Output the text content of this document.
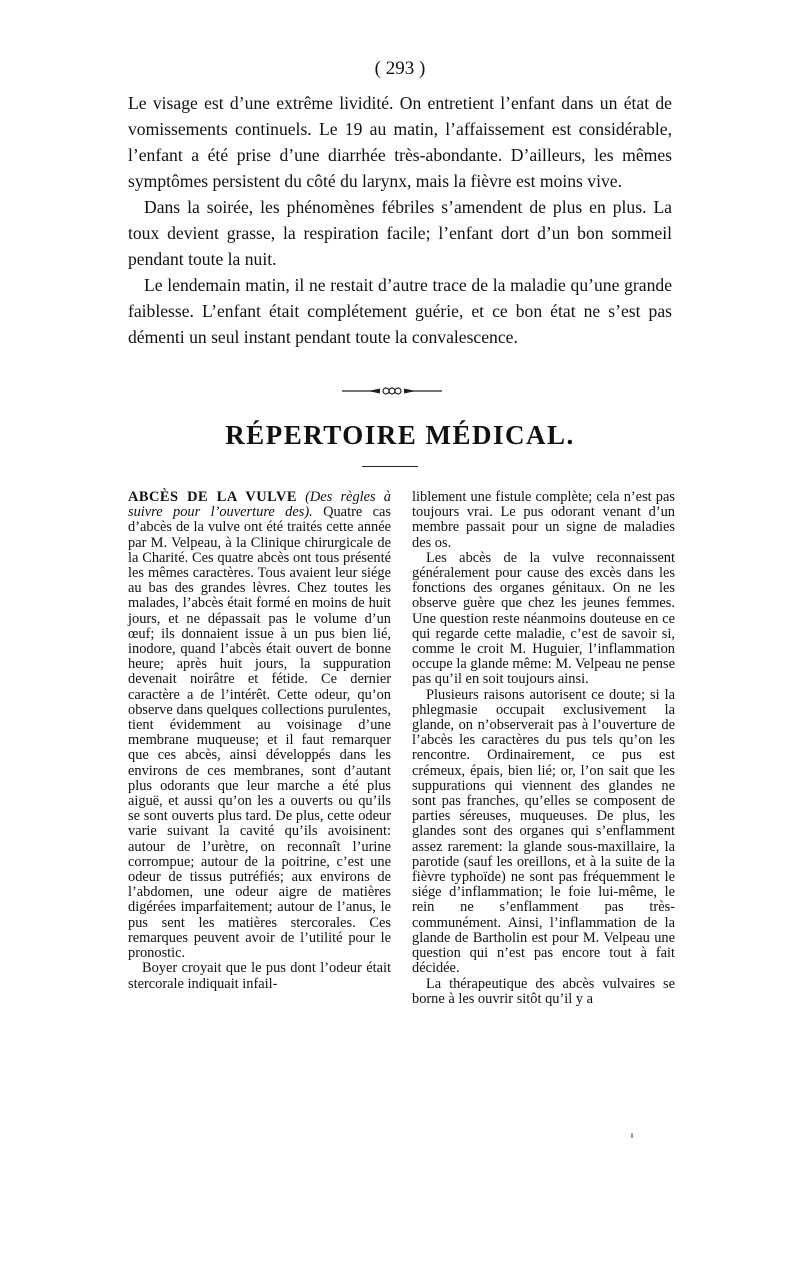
( 293 )

Le visage est d’une extrême lividité. On entretient l’enfant dans un état de vomissements continuels. Le 19 au matin, l’affaissement est considérable, l’enfant a été prise d’une diarrhée très-abondante. D’ailleurs, les mêmes symptômes persistent du côté du larynx, mais la fièvre est moins vive.

Dans la soirée, les phénomènes fébriles s’amendent de plus en plus. La toux devient grasse, la respiration facile; l’enfant dort d’un bon sommeil pendant toute la nuit.

Le lendemain matin, il ne restait d’autre trace de la maladie qu’une grande faiblesse. L’enfant était complétement guérie, et ce bon état ne s’est pas démenti un seul instant pendant toute la convalescence.

RÉPERTOIRE MÉDICAL.

ABCÈS DE LA VULVE (Des règles à suivre pour l’ouverture des). Quatre cas d’abcès de la vulve ont été traités cette année par M. Velpeau, à la Clinique chirurgicale de la Charité. Ces quatre abcès ont tous présenté les mêmes caractères. Tous avaient leur siége au bas des grandes lèvres. Chez toutes les malades, l’abcès était formé en moins de huit jours, et ne dépassait pas le volume d’un œuf; ils donnaient issue à un pus bien lié, inodore, quand l’abcès était ouvert de bonne heure; après huit jours, la suppuration devenait noirâtre et fétide. Ce dernier caractère a de l’intérêt. Cette odeur, qu’on observe dans quelques collections purulentes, tient évidemment au voisinage d’une membrane muqueuse; et il faut remarquer que ces abcès, ainsi développés dans les environs de ces membranes, sont d’autant plus odorants que leur marche a été plus aiguë, et aussi qu’on les a ouverts ou qu’ils se sont ouverts plus tard. De plus, cette odeur varie suivant la cavité qu’ils avoisinent: autour de l’urètre, on reconnaît l’urine corrompue; autour de la poitrine, c’est une odeur de tissus putréfiés; aux environs de l’abdomen, une odeur aigre de matières digérées imparfaitement; autour de l’anus, le pus sent les matières stercorales. Ces remarques peuvent avoir de l’utilité pour le pronostic.

Boyer croyait que le pus dont l’odeur était stercorale indiquait infail-

liblement une fistule complète; cela n’est pas toujours vrai. Le pus odorant venant d’un membre passait pour un signe de maladies des os.

Les abcès de la vulve reconnaissent généralement pour cause des excès dans les fonctions des organes génitaux. On ne les observe guère que chez les jeunes femmes. Une question reste néanmoins douteuse en ce qui regarde cette maladie, c’est de savoir si, comme le croit M. Huguier, l’inflammation occupe la glande même: M. Velpeau ne pense pas qu’il en soit toujours ainsi.

Plusieurs raisons autorisent ce doute; si la phlegmasie occupait exclusivement la glande, on n’observerait pas à l’ouverture de l’abcès les caractères du pus tels qu’on les rencontre. Ordinairement, ce pus est crémeux, épais, bien lié; or, l’on sait que les suppurations qui viennent des glandes ne sont pas franches, qu’elles se composent de parties séreuses, muqueuses. De plus, les glandes sont des organes qui s’enflamment assez rarement: la glande sous-maxillaire, la parotide (sauf les oreillons, et à la suite de la fièvre typhoïde) ne sont pas fréquemment le siége d’inflammation; le foie lui-même, le rein ne s’enflamment pas très-communément. Ainsi, l’inflammation de la glande de Bartholin est pour M. Velpeau une question qui n’est pas encore tout à fait décidée.

La thérapeutique des abcès vulvaires se borne à les ouvrir sitôt qu’il y a
